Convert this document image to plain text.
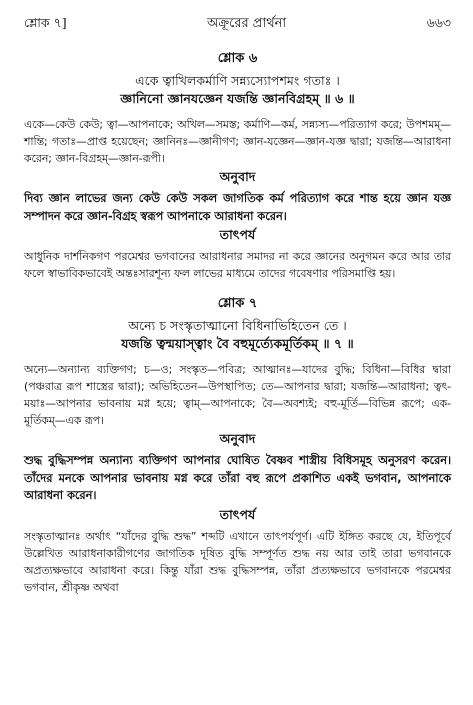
শ্লোক ৭]	অক্রূরের প্রার্থনা	৬৬৩
শ্লোক ৬
একে ত্বাখিলকর্মাণি সন্ন্যস্যোপশমং গতাঃ ।
জ্ঞানিনো জ্ঞানযজ্ঞেন যজন্তি জ্ঞানবিগ্রহম্ ॥ ৬ ॥

একে—কেউ কেউ; ত্বা—আপনাকে; অখিল—সমস্ত; কর্মাণি—কর্ম, সন্ন্যস্য—পরিত্যাগ করে; উপশমম্—শান্তি; গতাঃ—প্রাপ্ত হয়েছেন; জ্ঞানিনঃ—জ্ঞানীগণ; জ্ঞান-যজ্ঞেন—জ্ঞান-যজ্ঞ দ্বারা; যজন্তি—আরাধনা করেন; জ্ঞান-বিগ্রহম্—জ্ঞান-রূপী।

অনুবাদ

দিব্য জ্ঞান লাভের জন্য কেউ কেউ সকল জাগতিক কর্ম পরিত্যাগ করে শান্ত হয়ে জ্ঞান যজ্ঞ সম্পাদন করে জ্ঞান-বিগ্রহ স্বরূপ আপনাকে আরাধনা করেন।

তাৎপর্য

আধুনিক দার্শনিকগণ পরমেশ্বর ভগবানের আরাধনার সমাদর না করে জ্ঞানের অনুগমন করে আর তার ফলে স্বাভাবিকভাবেই অন্তঃসারশূন্য ফল লাভের মাধ্যমে তাদের গবেষণার পরিসমাপ্তি হয়।

শ্লোক ৭
অন্যে চ সংস্কৃতাত্মানো বিধিনাভিহিতেন তে ।
যজন্তি ত্বন্ময়াস্ত্বাং বৈ বহুমূর্ত্যেকমূর্তিকম্ ॥ ৭ ॥

অন্যে—অন্যান্য ব্যক্তিগণ; চ—ও; সংস্কৃত—পবিত্র; আত্মানঃ—যাদের বুদ্ধি; বিধিনা—বিধির দ্বারা (পঞ্চরাত্র রূপ শাস্ত্রের দ্বারা); অভিহিতেন—উপস্থাপিত; তে—আপনার দ্বারা; যজন্তি—আরাধনা; ত্বৎ-ময়াঃ—আপনার ভাবনায় মগ্ন হয়ে; ত্বাম্—আপনাকে; বৈ—অবশ্যই; বহু-মূর্তি—বিভিন্ন রূপে; এক-মূর্তিকম্—এক রূপ।

অনুবাদ

শুদ্ধ বুদ্ধিসম্পন্ন অন্যান্য ব্যক্তিগণ আপনার ঘোষিত বৈষ্ণব শাস্ত্রীয় বিধিসমূহ অনুসরণ করেন। তাঁদের মনকে আপনার ভাবনায় মগ্ন করে তাঁরা বহু রূপে প্রকাশিত একই ভগবান, আপনাকে আরাধনা করেন।

তাৎপর্য

সংস্কৃতাত্মানঃ অর্থাৎ “যাঁদের বুদ্ধি শুদ্ধ” শব্দটি এখানে তাৎপর্যপূর্ণ। এটি ইঙ্গিত করছে যে, ইতিপূর্বে উল্লেখিত আরাধনাকারীগণের জাগতিক দূষিত বুদ্ধি সম্পূর্ণত শুদ্ধ নয় আর তাই তারা ভগবানকে অপ্রত্যক্ষভাবে আরাধনা করে। কিন্তু যাঁরা শুদ্ধ বুদ্ধিসম্পন্ন, তাঁরা প্রত্যক্ষভাবে ভগবানকে পরমেশ্বর ভগবান, শ্রীকৃষ্ণ অথবা
